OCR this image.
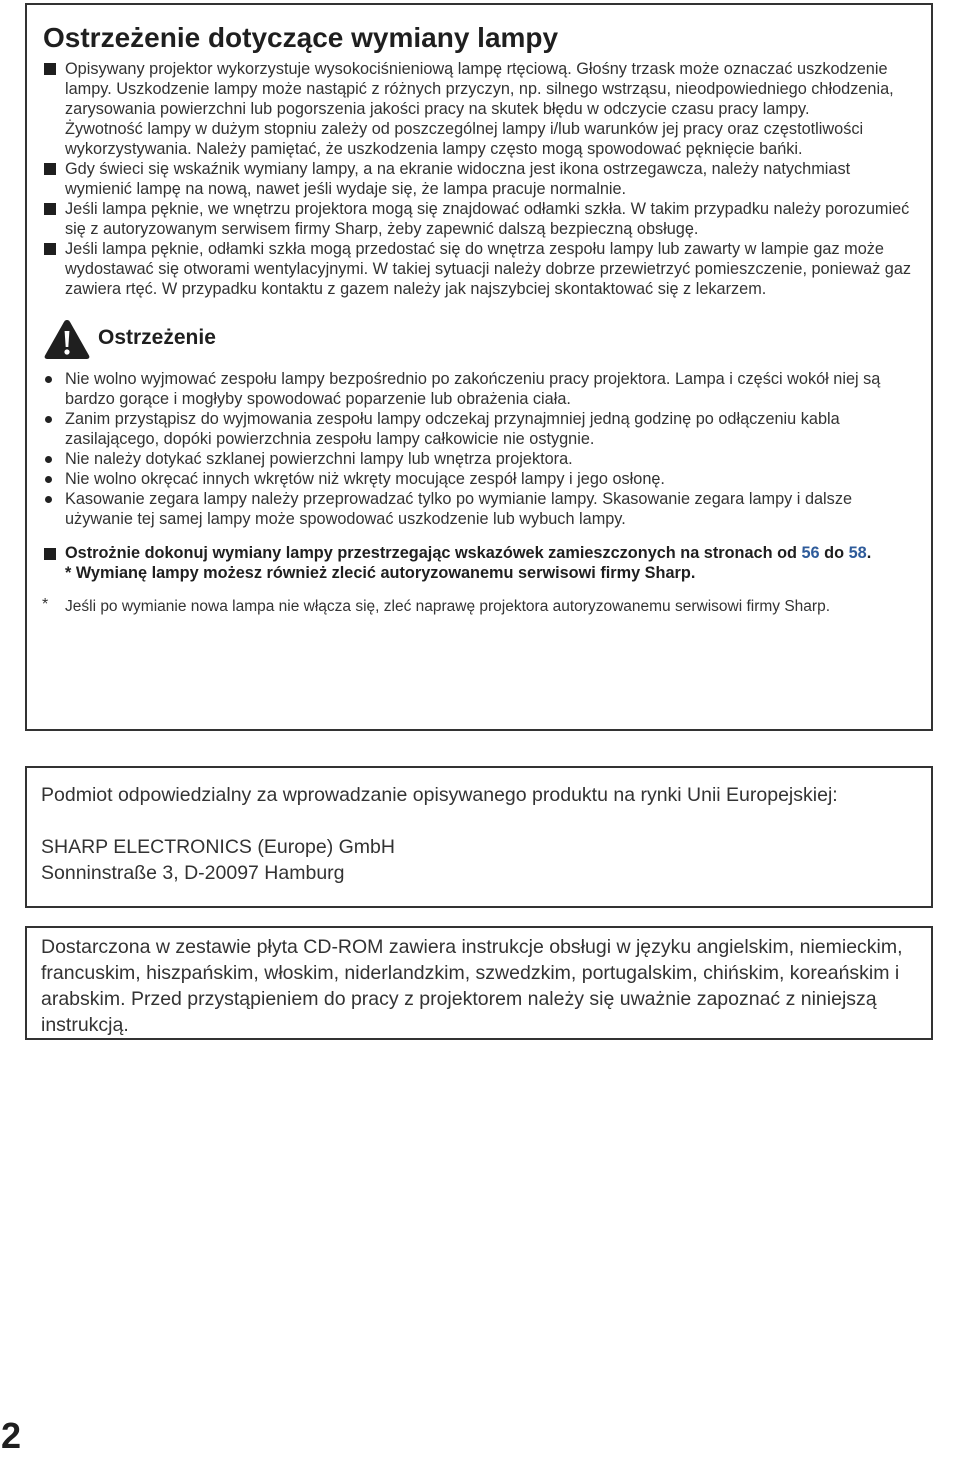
Ostrzeżenie dotyczące wymiany lampy

Opisywany projektor wykorzystuje wysokociśnieniową lampę rtęciową. Głośny trzask może oznaczać uszkodzenie lampy. Uszkodzenie lampy może nastąpić z różnych przyczyn, np. silnego wstrząsu, nieodpowiedniego chłodzenia, zarysowania powierzchni lub pogorszenia jakości pracy na skutek błędu w odczycie czasu pracy lampy.

Żywotność lampy w dużym stopniu zależy od poszczególnej lampy i/lub warunków jej pracy oraz częstotliwości wykorzystywania. Należy pamiętać, że uszkodzenia lampy często mogą spowodować pęknięcie bańki.

Gdy świeci się wskaźnik wymiany lampy, a na ekranie widoczna jest ikona ostrzegawcza, należy natychmiast wymienić lampę na nową, nawet jeśli wydaje się, że lampa pracuje normalnie.

Jeśli lampa pęknie, we wnętrzu projektora mogą się znajdować odłamki szkła. W takim przypadku należy porozumieć się z autoryzowanym serwisem firmy Sharp, żeby zapewnić dalszą bezpieczną obsługę.

Jeśli lampa pęknie, odłamki szkła mogą przedostać się do wnętrza zespołu lampy lub zawarty w lampie gaz może wydostawać się otworami wentylacyjnymi. W takiej sytuacji należy dobrze przewietrzyć pomieszczenie, ponieważ gaz zawiera rtęć. W przypadku kontaktu z gazem należy jak najszybciej skontaktować się z lekarzem.

Ostrzeżenie
Nie wolno wyjmować zespołu lampy bezpośrednio po zakończeniu pracy projektora. Lampa i części wokół niej są bardzo gorące i mogłyby spowodować poparzenie lub obrażenia ciała.
Zanim przystąpisz do wyjmowania zespołu lampy odczekaj przynajmniej jedną godzinę po odłączeniu kabla zasilającego, dopóki powierzchnia zespołu lampy całkowicie nie ostygnie.
Nie należy dotykać szklanej powierzchni lampy lub wnętrza projektora.
Nie wolno okręcać innych wkrętów niż wkręty mocujące zespół lampy i jego osłonę.
Kasowanie zegara lampy należy przeprowadzać tylko po wymianie lampy. Skasowanie zegara lampy i dalsze używanie tej samej lampy może spowodować uszkodzenie lub wybuch lampy.
Ostrożnie dokonuj wymiany lampy przestrzegając wskazówek zamieszczonych na stronach od 56 do 58.
* Wymianę lampy możesz również zlecić autoryzowanemu serwisowi firmy Sharp.
* Jeśli po wymianie nowa lampa nie włącza się, zleć naprawę projektora autoryzowanemu serwisowi firmy Sharp.

Podmiot odpowiedzialny za wprowadzanie opisywanego produktu na rynki Unii Europejskiej:

SHARP ELECTRONICS (Europe) GmbH

Sonninstraße 3, D-20097 Hamburg

Dostarczona w zestawie płyta CD-ROM zawiera instrukcje obsługi w języku angielskim, niemieckim, francuskim, hiszpańskim, włoskim, niderlandzkim, szwedzkim, portugalskim, chińskim, koreańskim i arabskim. Przed przystąpieniem do pracy z projektorem należy się uważnie zapoznać z niniejszą instrukcją.

2
